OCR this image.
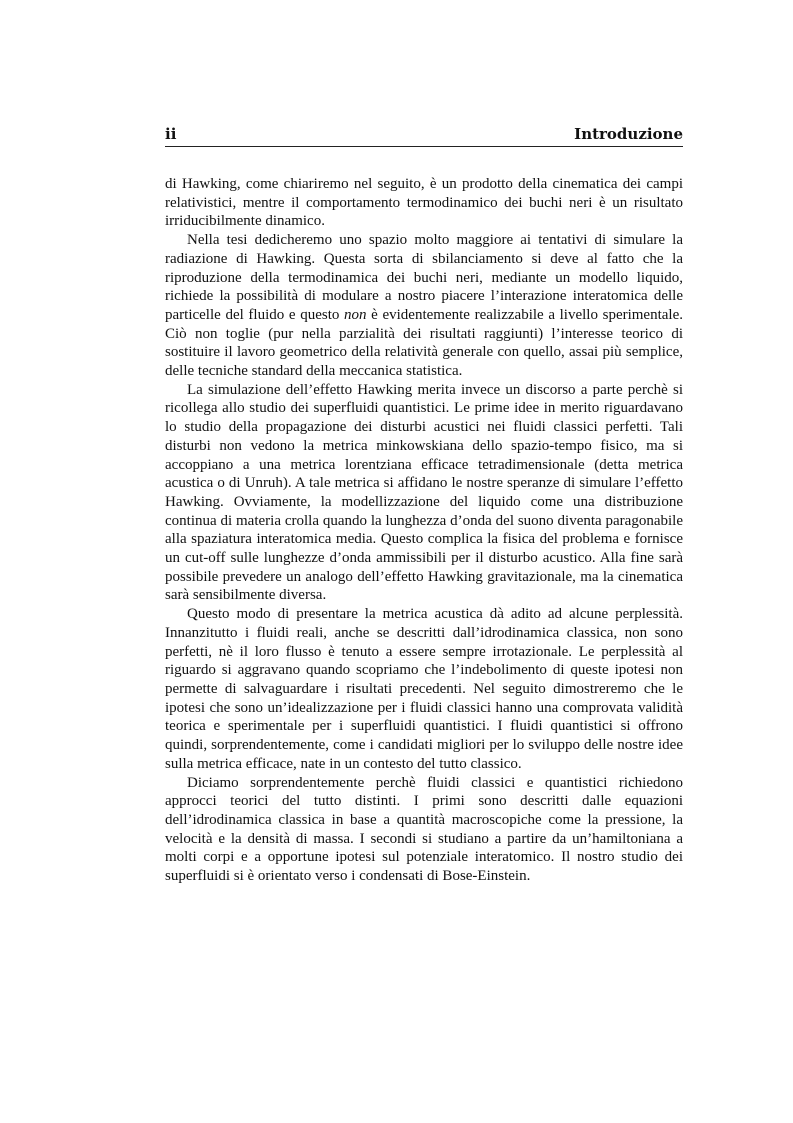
ii	Introduzione

di Hawking, come chiariremo nel seguito, è un prodotto della cinematica dei campi relativistici, mentre il comportamento termodinamico dei buchi neri è un risultato irriducibilmente dinamico.

Nella tesi dedicheremo uno spazio molto maggiore ai tentativi di simulare la radiazione di Hawking. Questa sorta di sbilanciamento si deve al fatto che la riproduzione della termodinamica dei buchi neri, mediante un modello liquido, richiede la possibilità di modulare a nostro piacere l’interazione interatomica delle particelle del fluido e questo non è evidentemente realizzabile a livello sperimentale. Ciò non toglie (pur nella parzialità dei risultati raggiunti) l’interesse teorico di sostituire il lavoro geometrico della relatività generale con quello, assai più semplice, delle tecniche standard della meccanica statistica.

La simulazione dell’effetto Hawking merita invece un discorso a parte perchè si ricollega allo studio dei superfluidi quantistici. Le prime idee in merito riguardavano lo studio della propagazione dei disturbi acustici nei fluidi classici perfetti. Tali disturbi non vedono la metrica minkowskiana dello spazio-tempo fisico, ma si accoppiano a una metrica lorentziana efficace tetradimensionale (detta metrica acustica o di Unruh). A tale metrica si affidano le nostre speranze di simulare l’effetto Hawking. Ovviamente, la modellizzazione del liquido come una distribuzione continua di materia crolla quando la lunghezza d’onda del suono diventa paragonabile alla spaziatura interatomica media. Questo complica la fisica del problema e fornisce un cut-off sulle lunghezze d’onda ammissibili per il disturbo acustico. Alla fine sarà possibile prevedere un analogo dell’effetto Hawking gravitazionale, ma la cinematica sarà sensibilmente diversa.

Questo modo di presentare la metrica acustica dà adito ad alcune perplessità. Innanzitutto i fluidi reali, anche se descritti dall’idrodinamica classica, non sono perfetti, nè il loro flusso è tenuto a essere sempre irrotazionale. Le perplessità al riguardo si aggravano quando scopriamo che l’indebolimento di queste ipotesi non permette di salvaguardare i risultati precedenti. Nel seguito dimostreremo che le ipotesi che sono un’idealizzazione per i fluidi classici hanno una comprovata validità teorica e sperimentale per i superfluidi quantistici. I fluidi quantistici si offrono quindi, sorprendentemente, come i candidati migliori per lo sviluppo delle nostre idee sulla metrica efficace, nate in un contesto del tutto classico.

Diciamo sorprendentemente perchè fluidi classici e quantistici richiedono approcci teorici del tutto distinti. I primi sono descritti dalle equazioni dell’idrodinamica classica in base a quantità macroscopiche come la pressione, la velocità e la densità di massa. I secondi si studiano a partire da un’hamiltoniana a molti corpi e a opportune ipotesi sul potenziale interatomico. Il nostro studio dei superfluidi si è orientato verso i condensati di Bose-Einstein.
